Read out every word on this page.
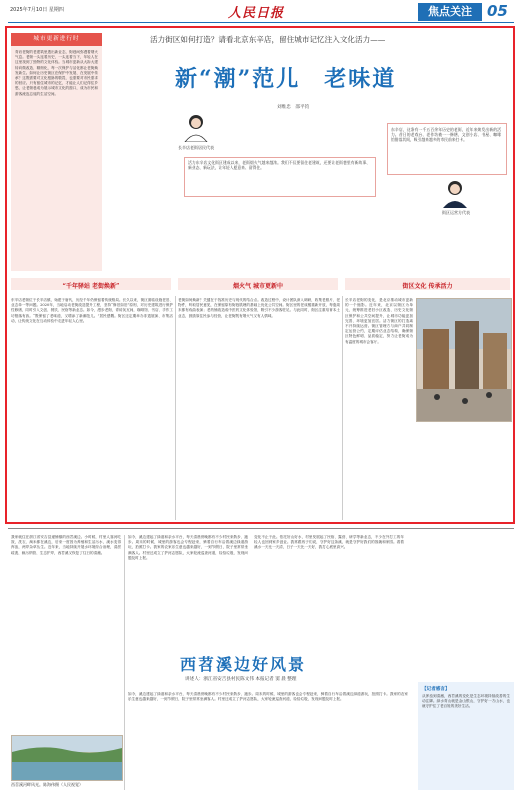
2025年7月10日 星期四	人民日报	焦点关注	05
城市更新进行时
青岩老街的老建筑里透出新业态，街巷间弥漫着烟火气息。老街一头连着历史，一头连着当下，年轻人在这里找到了独特的文化体验。当城市更新从大拆大建转向微改造、精细化，每一次保护与活化都让老街焕发新生。如何让历史街区在保护中发展、在发展中传承？这既需要对文化根脉的敬畏，也需要对市民需求的回应。只有留住城市的记忆，才能让人们记得住乡愁，让老街巷成为展示城市文化的窗口，成为市民和游客流连忘返的生活空间。
活力街区如何打造？请看北京东辛店，留住城市记忆注入文化活力——
新“潮”范儿　老味道
刘维忠　邵平钧
长辛店老街居民代表
活力东辛店文化街区建成以来，老街烟火气越来越浓。我们不仅要留住老建筑，还要让老街巷里有新故事、新业态、新玩法，让年轻人愿意来、留得住。
东辛店，这条有一千五百余年历史的老街，近年来焕发出新的活力。昔日的老戏台、老作坊被一一修缮，文创小店、书屋、咖啡馆错落其间，吸引越来越多的市民前来打卡。
街区运营方代表
“千年驿站 老街焕新”	烟火气 城市更新中	街区文化 传承活力
东辛店老街位于长辛店镇，始建于唐代，历经千年仍保留着传统格局。长久以来，街区面临设施老旧、业态单一等问题。2020年，当地启动老街改造提升工程，坚持“修旧如旧”原则，对历史建筑进行保护性修缮，同时引入文创、餐饮、民宿等新业态。如今，漫步老街，青砖灰瓦间，咖啡馆、书店、手作工坊错落有致。“既保留了老味道，又增添了新潮范儿。”居民感慨。街区还定期举办非遗展演、市集活动，让传统文化在互动体验中走进年轻人心里。
老街如何焕新？关键在于找准历史与现代的结合点。改造过程中，设计团队深入调研，收集老照片、老物件，听取居民意见，在保留原有街巷肌理的基础上优化公共空间。街区里的老戏楼重新开放，每逢周末都有戏曲表演；老药铺改造成中医药文化体验馆，吸引不少游客驻足。与此同时，街区注重培育本土业态，鼓励原住民参与经营，让老街既有烟火气又有人情味。
长辛店老街的变化，是北京推动城市更新的一个缩影。近年来，北京以街区为单元，统筹推进老旧小区改造、历史文化街区保护和公共空间提升，让城市功能更加完善、环境更加宜居。活力街区的打造离不开持续运营。街区管理方与商户共同制定运营公约，定期评估业态结构，确保街区特色鲜明、品质稳定，努力让老街成为有温度的城市会客厅。
我家就住在浙江省安吉县递铺镇的西苕溪边。小时候，村里人靠河吃饭，洗衣、淘米都在溪边，后来一度因为养殖和生活污水，溪水变得浑浊，两岸杂草丛生。近年来，当地持续开展水环境综合治理，清淤疏浚、截污纳管、生态护岸，西苕溪又恢复了往日的清澈。
如今，溪边建起了绿道和亲水平台，每天清晨傍晚都有不少村民来散步、跑步。周末的时候，城里的游客也会专程赶来，骑着自行车沿着溪边绿道游玩，拍照打卡。我家的农家乐生意也越来越好，一到节假日，院子里常常坐满客人。村里还成立了护河志愿队，大家轮流巡查河道，捡拾垃圾，发现问题及时上报。
变化不止于此。依托好山好水，村里发展起了民宿、露营、研学等新业态，不少在外打工的年轻人也回到家乡创业。我常跟孩子们说，守护好这条溪，就是守护好我们的饭碗和家园。看着溪水一天比一天清，日子一天比一天好，我打心底里高兴。
西苕溪边好风景
讲述人：浙江省安吉县村民陈文伟 本报记者 窦 晨 整理
西苕溪河畔风光。陈海伟摄（人民视觉）
如今，溪边建起了绿道和亲水平台，每天清晨傍晚都有不少村民来散步、跑步。周末的时候，城里的游客也会专程赶来，骑着自行车沿着溪边绿道游玩，拍照打卡。我家的农家乐生意也越来越好，一到节假日，院子里常常坐满客人。村里还成立了护河志愿队，大家轮流巡查河道，捡拾垃圾，发现问题及时上报。
【记者感言】
从浑浊到清澈，西苕溪的变化是生态环境持续改善的生动注脚。绿水青山就是金山银山，守护好一方山水，也就守护住了老百姓的美好生活。
